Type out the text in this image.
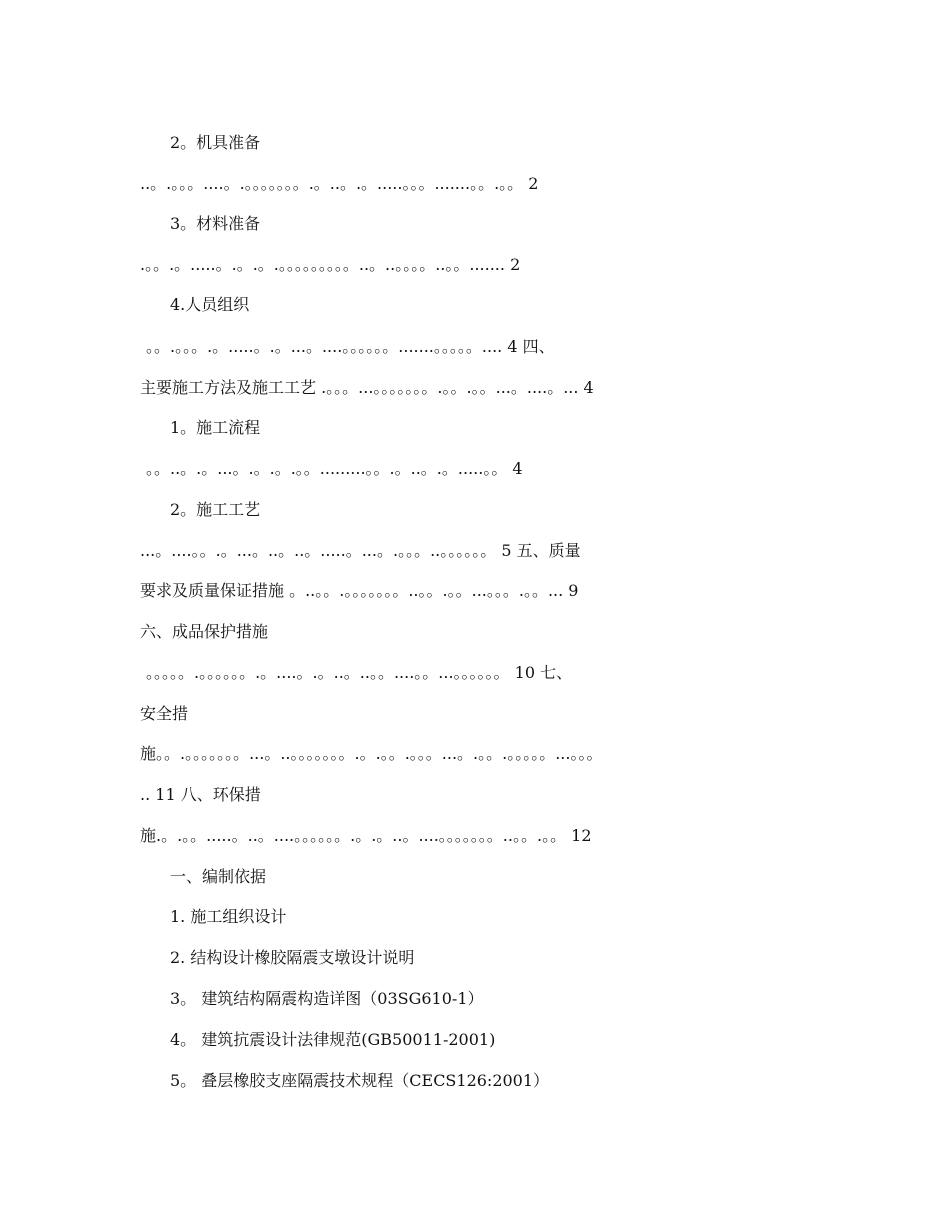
2。机具准备
..。.。。。....。.。。。。。。。.。..。.。.....。。。.......。。.。。 2
3。材料准备
.。。.。.....。.。.。.。。。。。。。。。..。..。。。。..。。....... 2
4.人员组织
。。.。。。.。.....。.。...。....。。。。。。.......。。。。。.... 4 四、
主要施工方法及施工工艺 .。。。...。。。。。。。.。。.。。...。....。... 4
1。施工流程
。。..。.。...。.。.。.。。.........。。.。..。.。.....。。 4
2。施工工艺
...。....。。.。...。..。..。.....。...。.。。。..。。。。。。 5 五、质量
要求及质量保证措施 。..。。.。。。。。。。..。。.。。...。。。.。。... 9
六、成品保护措施
。。。。。.。。。。。。.。....。.。..。..。。....。。...。。。。。。 10 七、
安全措
施。。.。。。。。。。...。..。。。。。。。.。.。。.。。。...。.。。.。。。。。...。。。
.. 11 八、环保措
施.。.。。.....。..。....。。。。。。.。.。..。....。。。。。。。..。。.。。 12
一、编制依据
1. 施工组织设计
2. 结构设计橡胶隔震支墩设计说明
3。 建筑结构隔震构造详图（03SG610-1）
4。 建筑抗震设计法律规范(GB50011-2001)
5。 叠层橡胶支座隔震技术规程（CECS126:2001）
